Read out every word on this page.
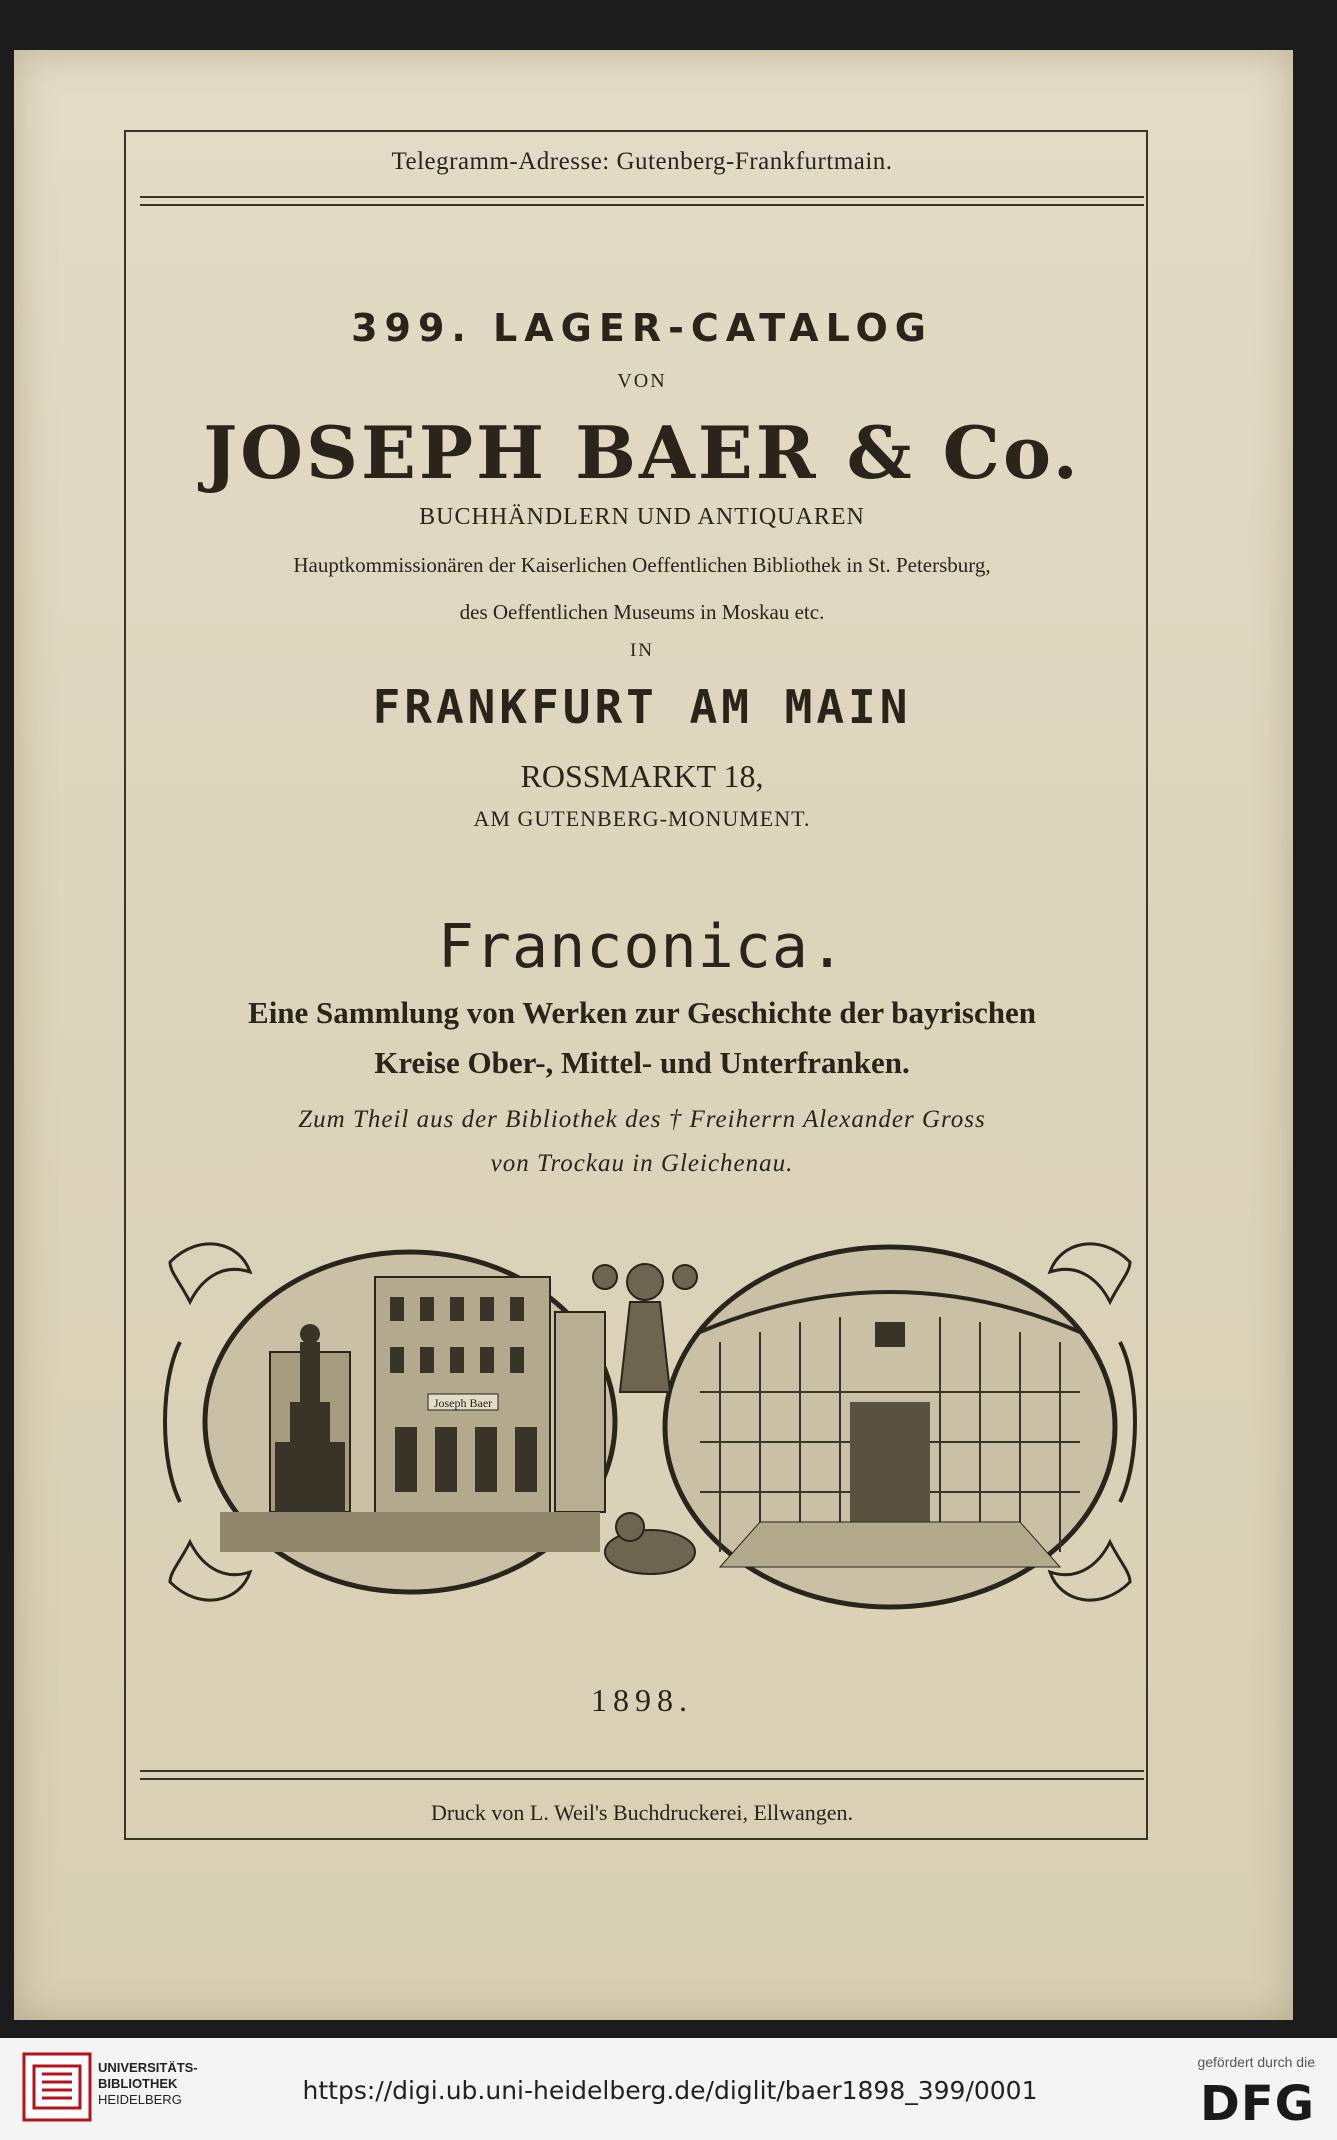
Telegramm-Adresse: Gutenberg-Frankfurtmain.
399. LAGER-CATALOG
VON
JOSEPH BAER & Co.
BUCHHÄNDLERN UND ANTIQUAREN
Hauptkommissionären der Kaiserlichen Oeffentlichen Bibliothek in St. Petersburg,
des Oeffentlichen Museums in Moskau etc.
IN
FRANKFURT AM MAIN
ROSSMARKT 18,
AM GUTENBERG-MONUMENT.
Franconica.
Eine Sammlung von Werken zur Geschichte der bayrischen
Kreise Ober-, Mittel- und Unterfranken.
Zum Theil aus der Bibliothek des † Freiherrn Alexander Gross
von Trockau in Gleichenau.
Joseph Baer
1898.
Druck von L. Weil's Buchdruckerei, Ellwangen.
UNIVERSITÄTS-
BIBLIOTHEK
HEIDELBERG	https://digi.ub.uni-heidelberg.de/diglit/baer1898_399/0001
gefördert durch die
DFG
